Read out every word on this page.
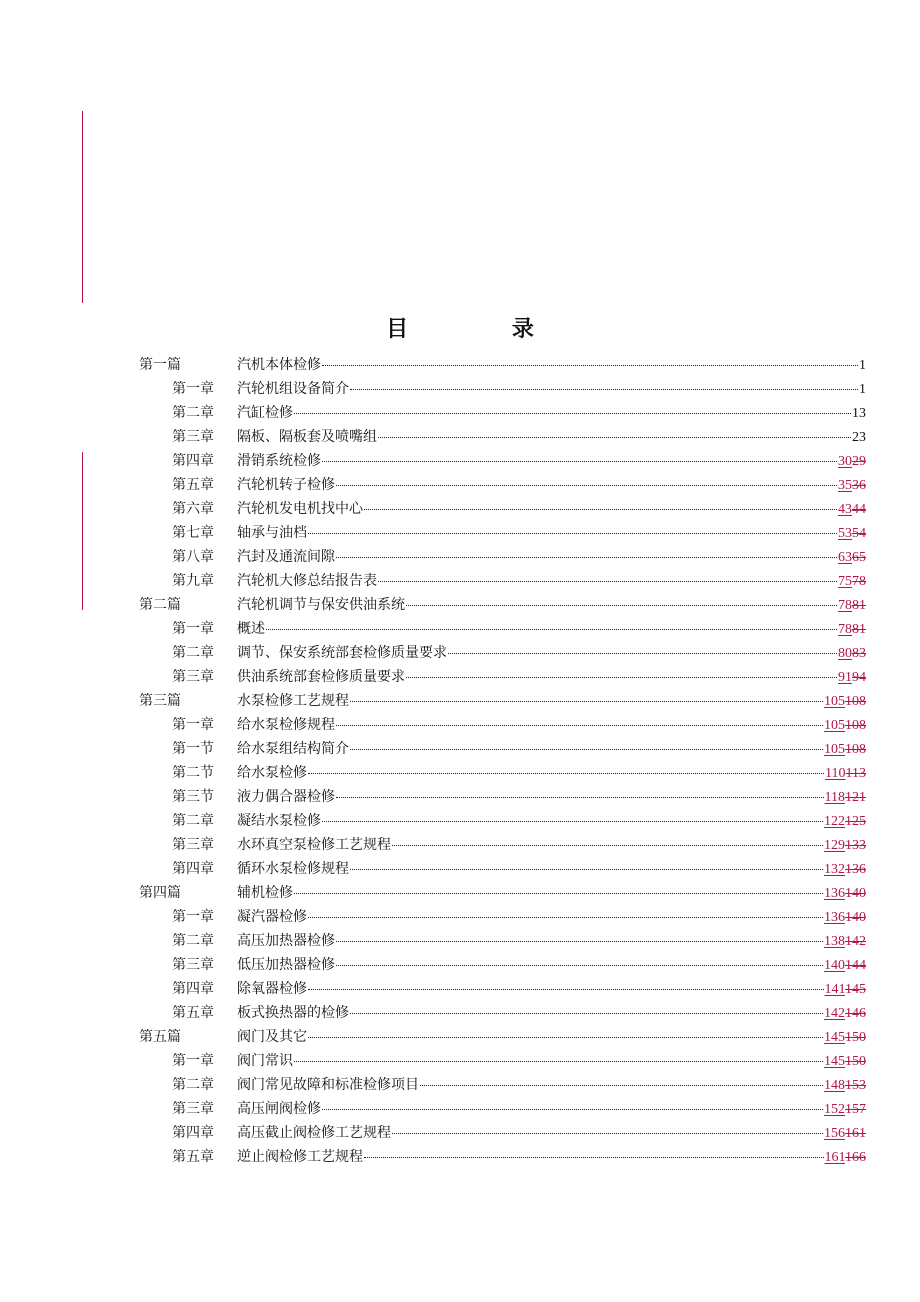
目 录
第一篇	汽机本体检修	1
第一章 汽轮机组设备简介	1
第二章 汽缸检修	13
第三章 隔板、隔板套及喷嘴组	23
第四章 滑销系统检修	3029
第五章 汽轮机转子检修	3536
第六章 汽轮机发电机找中心	4344
第七章 轴承与油档	5354
第八章 汽封及通流间隙	6365
第九章 汽轮机大修总结报告表	7578
第二篇	汽轮机调节与保安供油系统	7881
第一章 概述	7881
第二章 调节、保安系统部套检修质量要求	8083
第三章 供油系统部套检修质量要求	9194
第三篇	水泵检修工艺规程	105108
第一章 给水泵检修规程	105108
第一节 给水泵组结构简介	105108
第二节 给水泵检修	110113
第三节 液力偶合器检修	118121
第二章 凝结水泵检修	122125
第三章 水环真空泵检修工艺规程	129133
第四章 循环水泵检修规程	132136
第四篇	辅机检修	136140
第一章 凝汽器检修	136140
第二章 高压加热器检修	138142
第三章 低压加热器检修	140144
第四章 除氧器检修	141145
第五章 板式换热器的检修	142146
第五篇	阀门及其它	145150
第一章 阀门常识	145150
第二章 阀门常见故障和标准检修项目	148153
第三章 高压闸阀检修	152157
第四章 高压截止阀检修工艺规程	156161
第五章 逆止阀检修工艺规程	161166
